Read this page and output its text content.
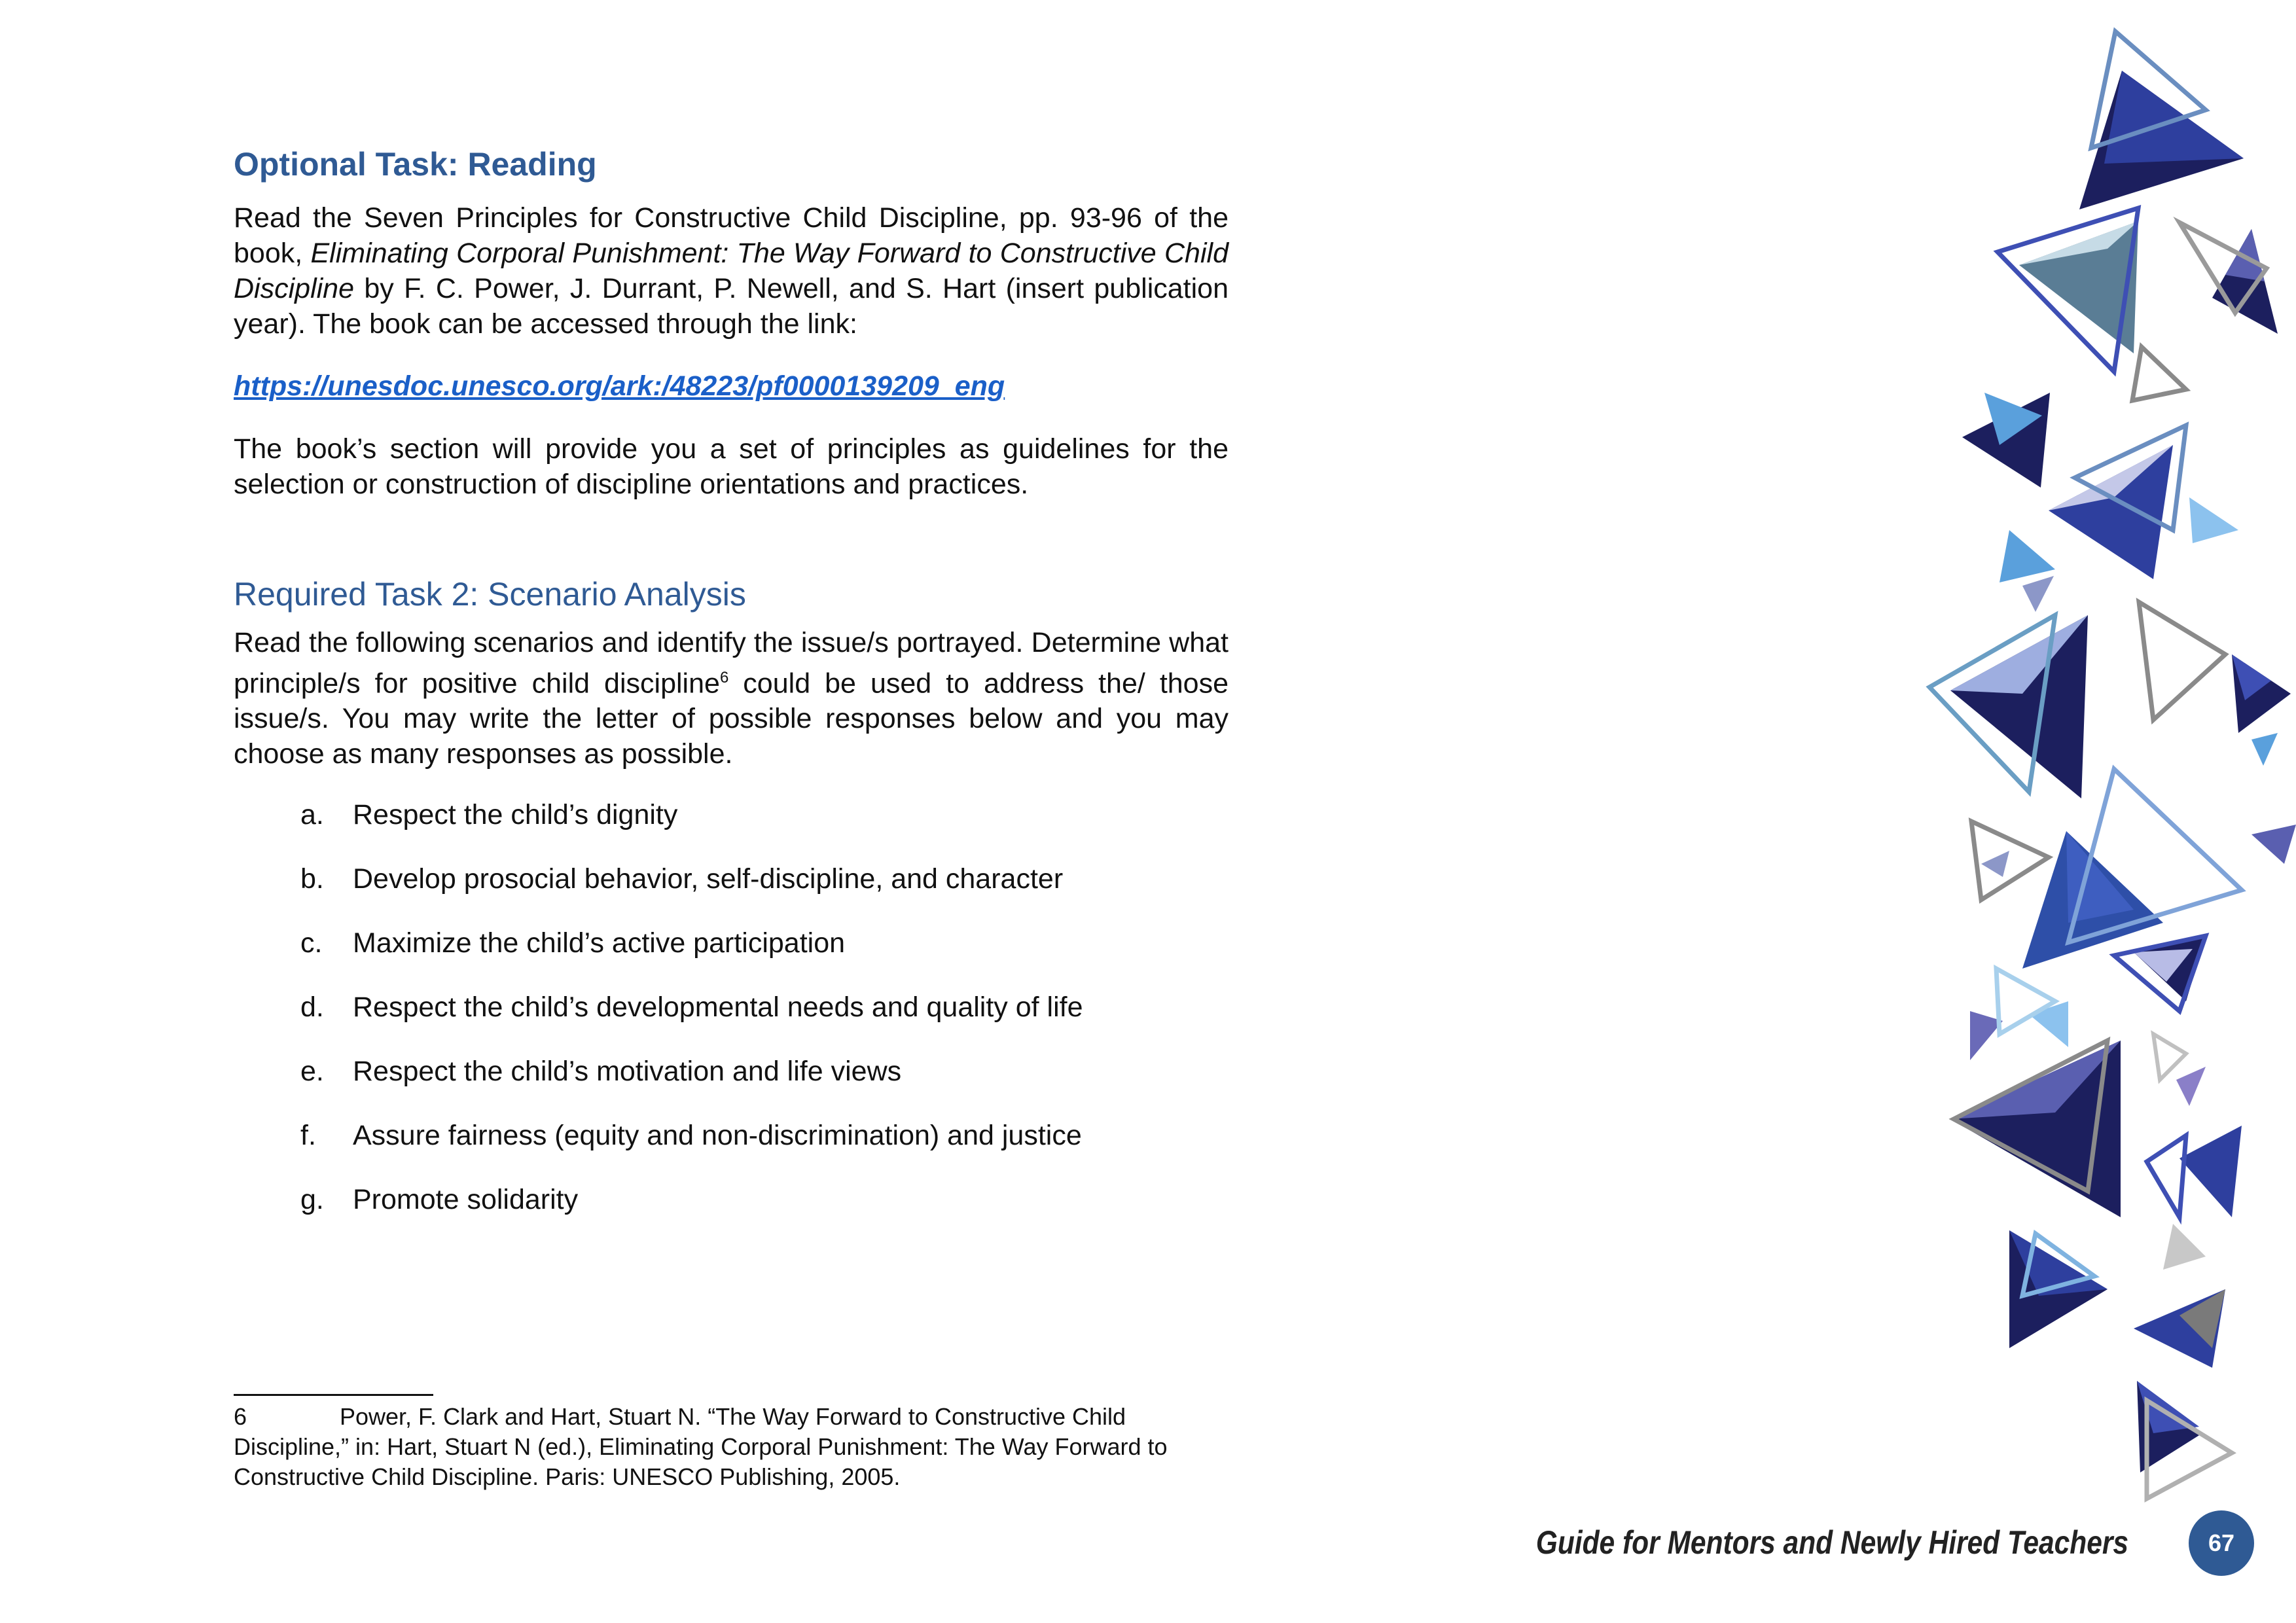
Optional Task: Reading

Read the Seven Principles for Constructive Child Discipline, pp. 93-96 of the book, Eliminating Corporal Punishment: The Way Forward to Constructive Child Discipline by F. C. Power, J. Durrant, P. Newell, and S. Hart (insert publication year). The book can be accessed through the link:

https://unesdoc.unesco.org/ark:/48223/pf0000139209_eng

The book’s section will provide you a set of principles as guidelines for the selection or construction of discipline orientations and practices.

Required Task 2: Scenario Analysis

Read the following scenarios and identify the issue/s portrayed. Determine what principle/s for positive child discipline$^6$ could be used to address the/ those issue/s. You may write the letter of possible responses below and you may choose as many responses as possible.

a.	Respect the child’s dignity
b.	Develop prosocial behavior, self-discipline, and character
c.	Maximize the child’s active participation
d.	Respect the child’s developmental needs and quality of life
e.	Respect the child’s motivation and life views
f.	Assure fairness (equity and non-discrimination) and justice
g.	Promote solidarity
6	Power, F. Clark and Hart, Stuart N. “The Way Forward to Constructive Child Discipline,” in: Hart, Stuart N (ed.), Eliminating Corporal Punishment: The Way Forward to Constructive Child Discipline. Paris: UNESCO Publishing, 2005.
Guide for Mentors and Newly Hired Teachers	67
